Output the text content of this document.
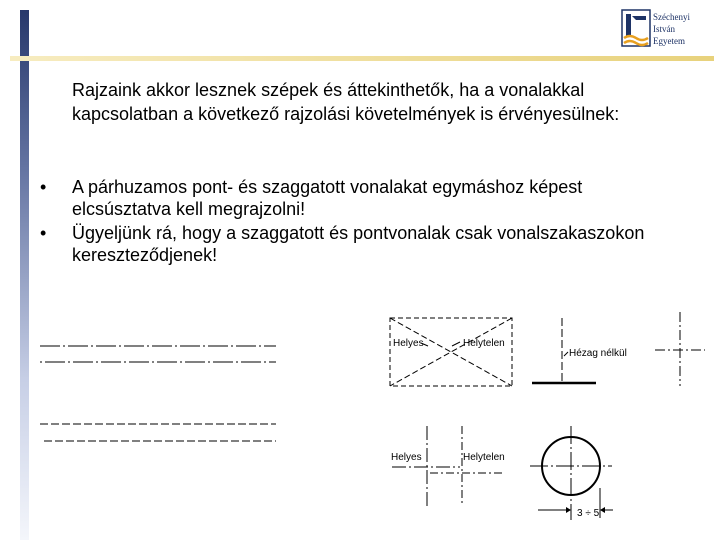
Széchenyi
István
Egyetem
Rajzaink akkor lesznek szépek és áttekinthetők, ha a vonalakkal kapcsolatban a következő rajzolási követelmények is érvényesülnek:
•	A párhuzamos pont- és szaggatott vonalakat egymáshoz képest elcsúsztatva kell megrajzolni!
•	Ügyeljünk rá, hogy a szaggatott és pontvonalak csak vonalszakaszokon kereszteződjenek!
Helyes	Helytelen
Hézag nélkül
Helyes	Helytelen
3 ÷ 5
